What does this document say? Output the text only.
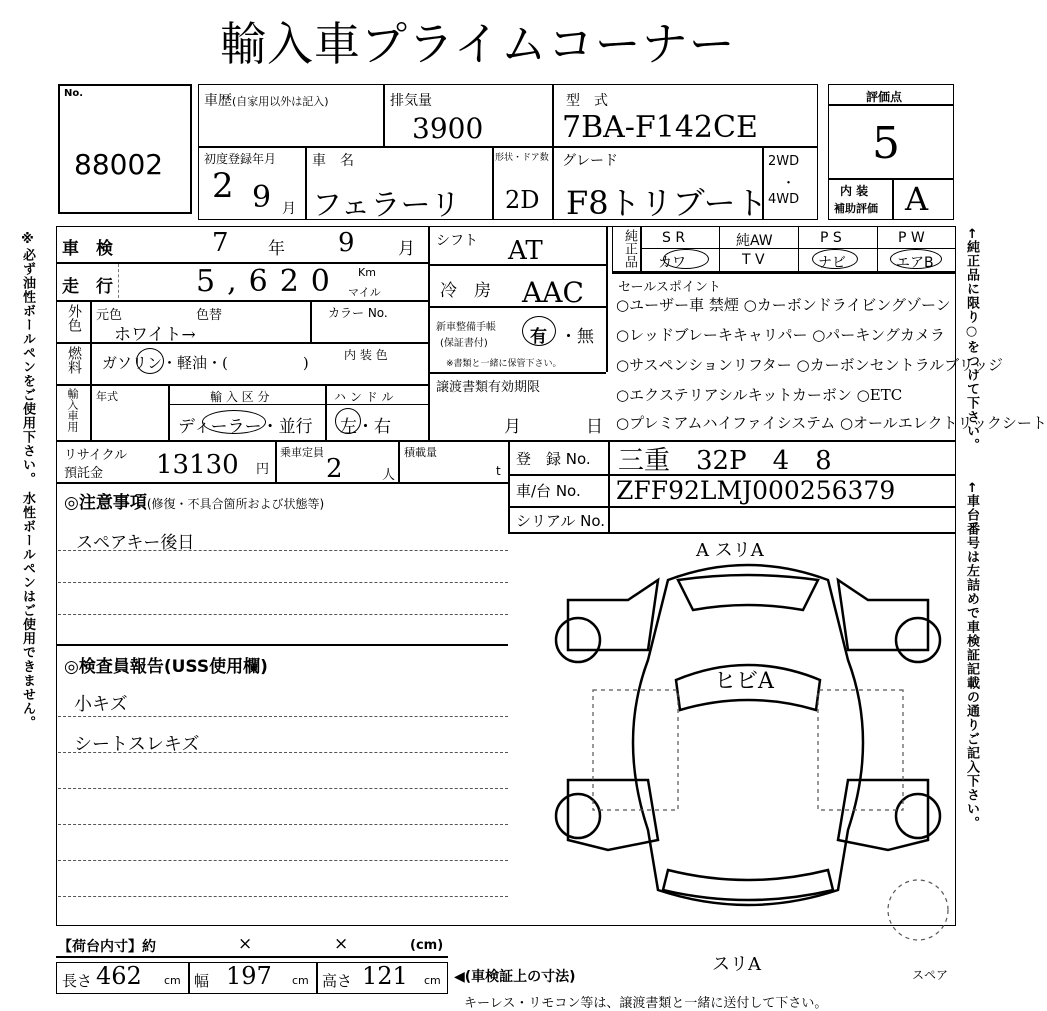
輸入車プライムコーナー
※必ず油性ボールペンをご使用下さい。 水性ボールペンはご使用できません。	←純正品に限り○をつけて下さい。
←車台番号は左詰めで車検証記載の通りご記入下さい。
No.
88002
車歴(自家用以外は記入)	排気量
3900
型　式
7BA-F142CE
初度登録年月
2 9 月
車　名
フェラーリ
形状・ドア数
2D
グレード
F8トリブート
2WD
・
4WD
評価点
5
内 装
補助評価 A
車　検	7 年 9	月
走　行	5,620 Km
マイル
シフト AT
冷　房 AAC
純正品 S R	純AW	P S	P W
カワ	T V	ナビ	エアB
セールスポイント
○ユーザー車 禁煙 ○カーボンドライビングゾーン
○レッドブレーキキャリパー ○パーキングカメラ
○サスペンションリフター ○カーボンセントラルブリッジ
○エクステリアシルキットカーボン ○ETC
○プレミアムハイファイシステム ○オールエレクトリックシート
外色 元色	色替	カラー No.
ホワイト→	新車整備手帳
(保証書付) 有 ・無
※書類と一緒に保管下さい。
燃料 ガソリン・軽油・(　　　　　)	内 装 色
譲渡書類有効期限
月	日
輸入車用 年式	輸 入 区 分
ディーラー・並行
ハ ン ド ル
左・右
リサイクル
預託金 13130 円
乗車定員
2	人
積載量
t
登　録 No. 三重　32P　4　8
車/台 No. ZFF92LMJ000256379
シリアル No.
◎注意事項(修復・不具合箇所および状態等)
スペアキー後日
◎検査員報告(USS使用欄)
小キズ
シートスレキズ
A スリA
ヒビA
スリA	スペア
【荷台内寸】約	×	×	(cm)
長さ 462 cm 幅 197 cm 高さ 121 cm ◀(車検証上の寸法)
キーレス・リモコン等は、譲渡書類と一緒に送付して下さい。
